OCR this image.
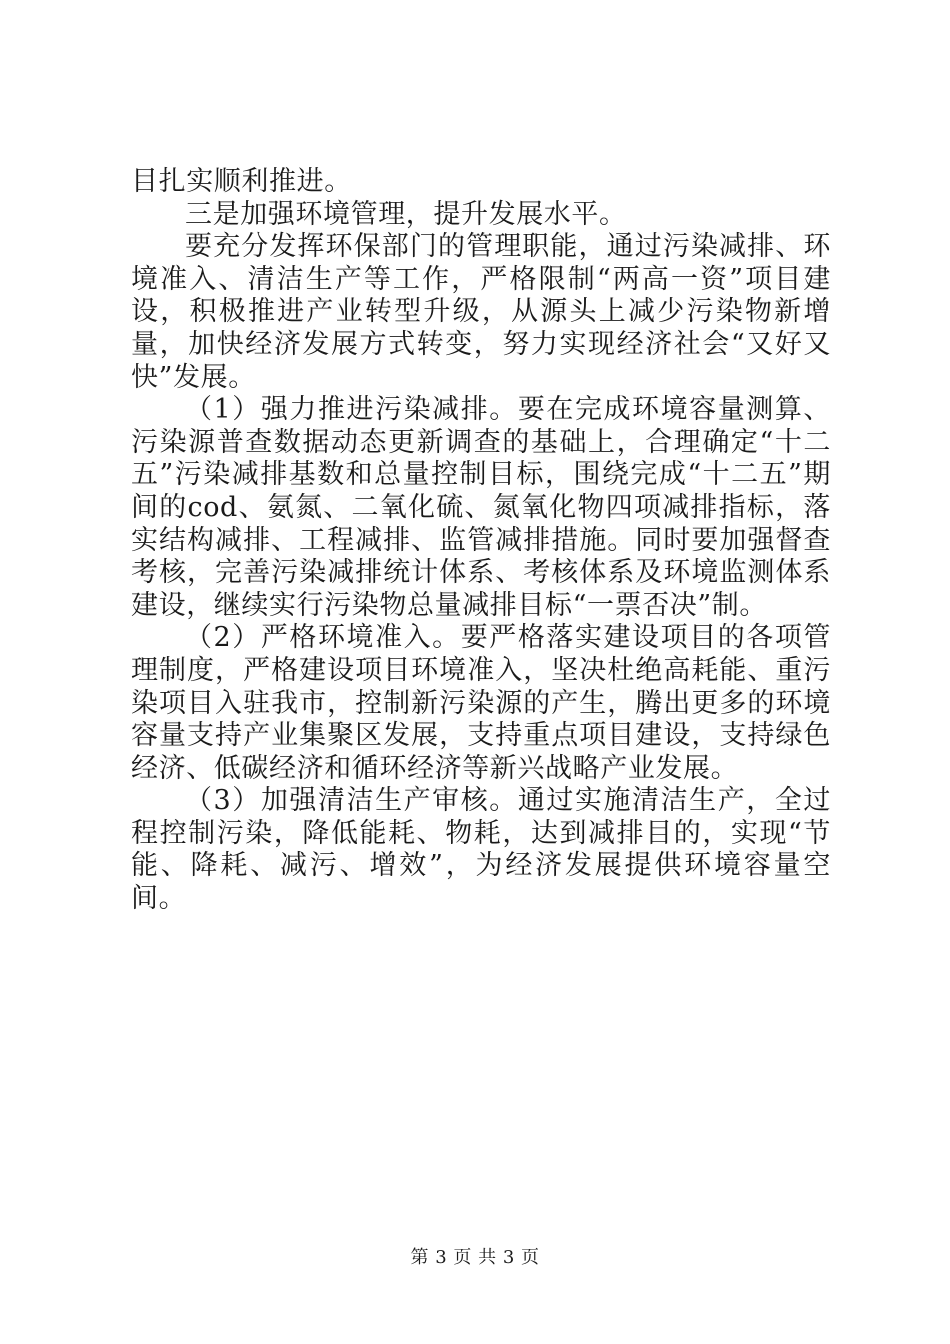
目扎实顺利推进。

三是加强环境管理，提升发展水平。

要充分发挥环保部门的管理职能，通过污染减排、环境准入、清洁生产等工作，严格限制“两高一资”项目建设，积极推进产业转型升级，从源头上减少污染物新增量，加快经济发展方式转变，努力实现经济社会“又好又快”发展。

（1）强力推进污染减排。要在完成环境容量测算、污染源普查数据动态更新调查的基础上，合理确定“十二五”污染减排基数和总量控制目标，围绕完成“十二五”期间的cod、氨氮、二氧化硫、氮氧化物四项减排指标，落实结构减排、工程减排、监管减排措施。同时要加强督查考核，完善污染减排统计体系、考核体系及环境监测体系建设，继续实行污染物总量减排目标“一票否决”制。

（2）严格环境准入。要严格落实建设项目的各项管理制度，严格建设项目环境准入，坚决杜绝高耗能、重污染项目入驻我市，控制新污染源的产生，腾出更多的环境容量支持产业集聚区发展，支持重点项目建设，支持绿色经济、低碳经济和循环经济等新兴战略产业发展。

（3）加强清洁生产审核。通过实施清洁生产，全过程控制污染，降低能耗、物耗，达到减排目的，实现“节能、降耗、减污、增效”，为经济发展提供环境容量空间。

第 3 页 共 3 页
